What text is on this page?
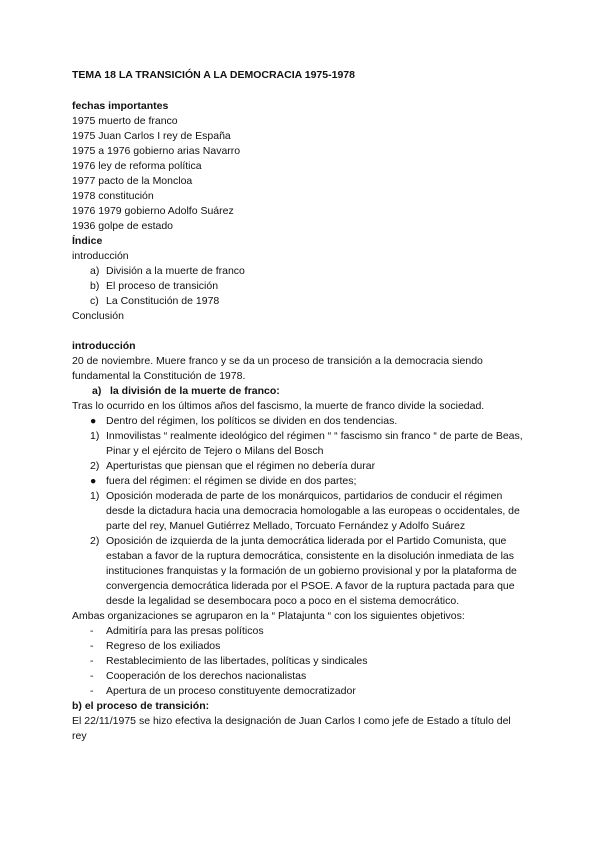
TEMA 18 LA TRANSICIÓN A LA DEMOCRACIA 1975-1978
fechas importantes
1975 muerto de franco
1975 Juan Carlos I rey de España
1975 a 1976 gobierno arias Navarro
1976 ley de reforma política
1977 pacto de la Moncloa
1978 constitución
1976 1979 gobierno Adolfo Suárez
1936 golpe de estado
Índice
introducción
a) División a la muerte de franco
b) El proceso de transición
c) La Constitución de 1978
Conclusión
introducción

20 de noviembre. Muere franco y se da un proceso de transición a la democracia siendo fundamental la Constitución de 1978.

a) la división de la muerte de franco:
Tras lo ocurrido en los últimos años del fascismo, la muerte de franco divide la sociedad.
● Dentro del régimen, los políticos se dividen en dos tendencias.
1) Inmovilistas “ realmente ideológico del régimen “ “ fascismo sin franco “ de parte de Beas, Pinar y el ejército de Tejero o Milans del Bosch
2) Aperturistas que piensan que el régimen no debería durar
● fuera del régimen: el régimen se divide en dos partes;
1) Oposición moderada de parte de los monárquicos, partidarios de conducir el régimen desde la dictadura hacia una democracia homologable a las europeas o occidentales, de parte del rey, Manuel Gutiérrez Mellado, Torcuato Fernández y Adolfo Suárez
2) Oposición de izquierda de la junta democrática liderada por el Partido Comunista, que estaban a favor de la ruptura democrática, consistente en la disolución inmediata de las instituciones franquistas y la formación de un gobierno provisional y por la plataforma de convergencia democrática liderada por el PSOE. A favor de la ruptura pactada para que desde la legalidad se desembocara poco a poco en el sistema democrático.
Ambas organizaciones se agruparon en la “ Platajunta “ con los siguientes objetivos:
- Admitiría para las presas políticos
- Regreso de los exiliados
- Restablecimiento de las libertades, políticas y sindicales
- Cooperación de los derechos nacionalistas
- Apertura de un proceso constituyente democratizador
b) el proceso de transición:

El 22/11/1975 se hizo efectiva la designación de Juan Carlos I como jefe de Estado a título del rey
